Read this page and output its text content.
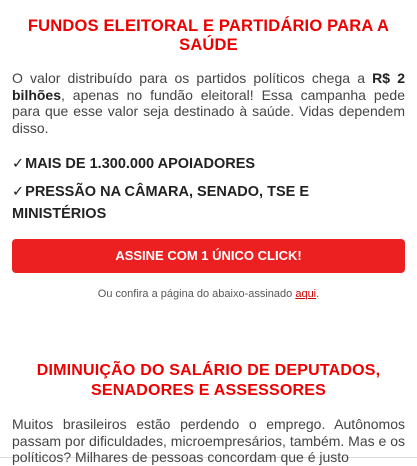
FUNDOS ELEITORAL E PARTIDÁRIO PARA A SAÚDE

O valor distribuído para os partidos políticos chega a R$ 2 bilhões, apenas no fundão eleitoral! Essa campanha pede para que esse valor seja destinado à saúde. Vidas dependem disso.

✓MAIS DE 1.300.000 APOIADORES

✓PRESSÃO NA CÂMARA, SENADO, TSE E MINISTÉRIOS

ASSINE COM 1 ÚNICO CLICK!

Ou confira a página do abaixo-assinado aqui.

DIMINUIÇÃO DO SALÁRIO DE DEPUTADOS, SENADORES E ASSESSORES

Muitos brasileiros estão perdendo o emprego. Autônomos passam por dificuldades, microempresários, também. Mas e os políticos? Milhares de pessoas concordam que é justo
